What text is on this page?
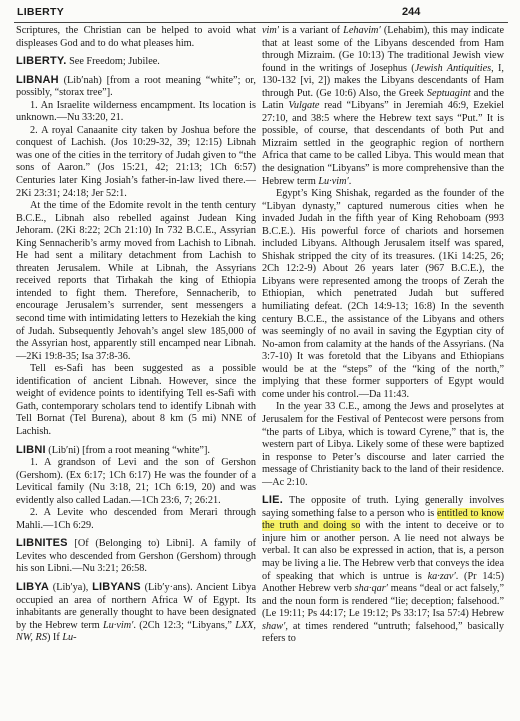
LIBERTY	244

Scriptures, the Christian can be helped to avoid what displeases God and to do what pleases him.

LIBERTY. See Freedom; Jubilee.

LIBNAH (Lib′nah) [from a root meaning “white”; or, possibly, “storax tree”].

1. An Israelite wilderness encampment. Its location is unknown.—Nu 33:20, 21.

2. A royal Canaanite city taken by Joshua before the conquest of Lachish. (Jos 10:29-32, 39; 12:15) Libnah was one of the cities in the territory of Judah given to “the sons of Aaron.” (Jos 15:21, 42; 21:13; 1Ch 6:57) Centuries later King Josiah’s father-in-law lived there.—2Ki 23:31; 24:18; Jer 52:1.

At the time of the Edomite revolt in the tenth century B.C.E., Libnah also rebelled against Judean King Jehoram. (2Ki 8:22; 2Ch 21:10) In 732 B.C.E., Assyrian King Sennacherib’s army moved from Lachish to Libnah. He had sent a military detachment from Lachish to threaten Jerusalem. While at Libnah, the Assyrians received reports that Tirhakah the king of Ethiopia intended to fight them. Therefore, Sennacherib, to encourage Jerusalem’s surrender, sent messengers a second time with intimidating letters to Hezekiah the king of Judah. Subsequently Jehovah’s angel slew 185,000 of the Assyrian host, apparently still encamped near Libnah.—2Ki 19:8-35; Isa 37:8-36.

Tell es-Safi has been suggested as a possible identification of ancient Libnah. However, since the weight of evidence points to identifying Tell es-Safi with Gath, contemporary scholars tend to identify Libnah with Tell Bornat (Tel Burena), about 8 km (5 mi) NNE of Lachish.

LIBNI (Lib′ni) [from a root meaning “white”].

1. A grandson of Levi and the son of Gershon (Gershom). (Ex 6:17; 1Ch 6:17) He was the founder of a Levitical family (Nu 3:18, 21; 1Ch 6:19, 20) and was evidently also called Ladan.—1Ch 23:6, 7; 26:21.

2. A Levite who descended from Merari through Mahli.—1Ch 6:29.

LIBNITES [Of (Belonging to) Libni]. A family of Levites who descended from Gershon (Gershom) through his son Libni.—Nu 3:21; 26:58.

LIBYA (Lib′ya), LIBYANS (Lib′y·ans). Ancient Libya occupied an area of northern Africa W of Egypt. Its inhabitants are generally thought to have been designated by the Hebrew term Lu·vim′. (2Ch 12:3; “Libyans,” LXX, NW, RS) If Lu-

vim′ is a variant of Lehavim′ (Lehabim), this may indicate that at least some of the Libyans descended from Ham through Mizraim. (Ge 10:13) The traditional Jewish view found in the writings of Josephus (Jewish Antiquities, I, 130-132 [vi, 2]) makes the Libyans descendants of Ham through Put. (Ge 10:6) Also, the Greek Septuagint and the Latin Vulgate read “Libyans” in Jeremiah 46:9, Ezekiel 27:10, and 38:5 where the Hebrew text says “Put.” It is possible, of course, that descendants of both Put and Mizraim settled in the geographic region of northern Africa that came to be called Libya. This would mean that the designation “Libyans” is more comprehensive than the Hebrew term Lu·vim′.

Egypt’s King Shishak, regarded as the founder of the “Libyan dynasty,” captured numerous cities when he invaded Judah in the fifth year of King Rehoboam (993 B.C.E.). His powerful force of chariots and horsemen included Libyans. Although Jerusalem itself was spared, Shishak stripped the city of its treasures. (1Ki 14:25, 26; 2Ch 12:2-9) About 26 years later (967 B.C.E.), the Libyans were represented among the troops of Zerah the Ethiopian, which penetrated Judah but suffered humiliating defeat. (2Ch 14:9-13; 16:8) In the seventh century B.C.E., the assistance of the Libyans and others was seemingly of no avail in saving the Egyptian city of No-amon from calamity at the hands of the Assyrians. (Na 3:7-10) It was foretold that the Libyans and Ethiopians would be at the “steps” of the “king of the north,” implying that these former supporters of Egypt would come under his control.—Da 11:43.

In the year 33 C.E., among the Jews and proselytes at Jerusalem for the Festival of Pentecost were persons from “the parts of Libya, which is toward Cyrene,” that is, the western part of Libya. Likely some of these were baptized in response to Peter’s discourse and later carried the message of Christianity back to the land of their residence.—Ac 2:10.

LIE. The opposite of truth. Lying generally involves saying something false to a person who is entitled to know the truth and doing so with the intent to deceive or to injure him or another person. A lie need not always be verbal. It can also be expressed in action, that is, a person may be living a lie. The Hebrew verb that conveys the idea of speaking that which is untrue is ka·zav′. (Pr 14:5) Another Hebrew verb sha·qar′ means “deal or act falsely,” and the noun form is rendered “lie; deception; falsehood.” (Le 19:11; Ps 44:17; Le 19:12; Ps 33:17; Isa 57:4) Hebrew shaw′, at times rendered “untruth; falsehood,” basically refers to
